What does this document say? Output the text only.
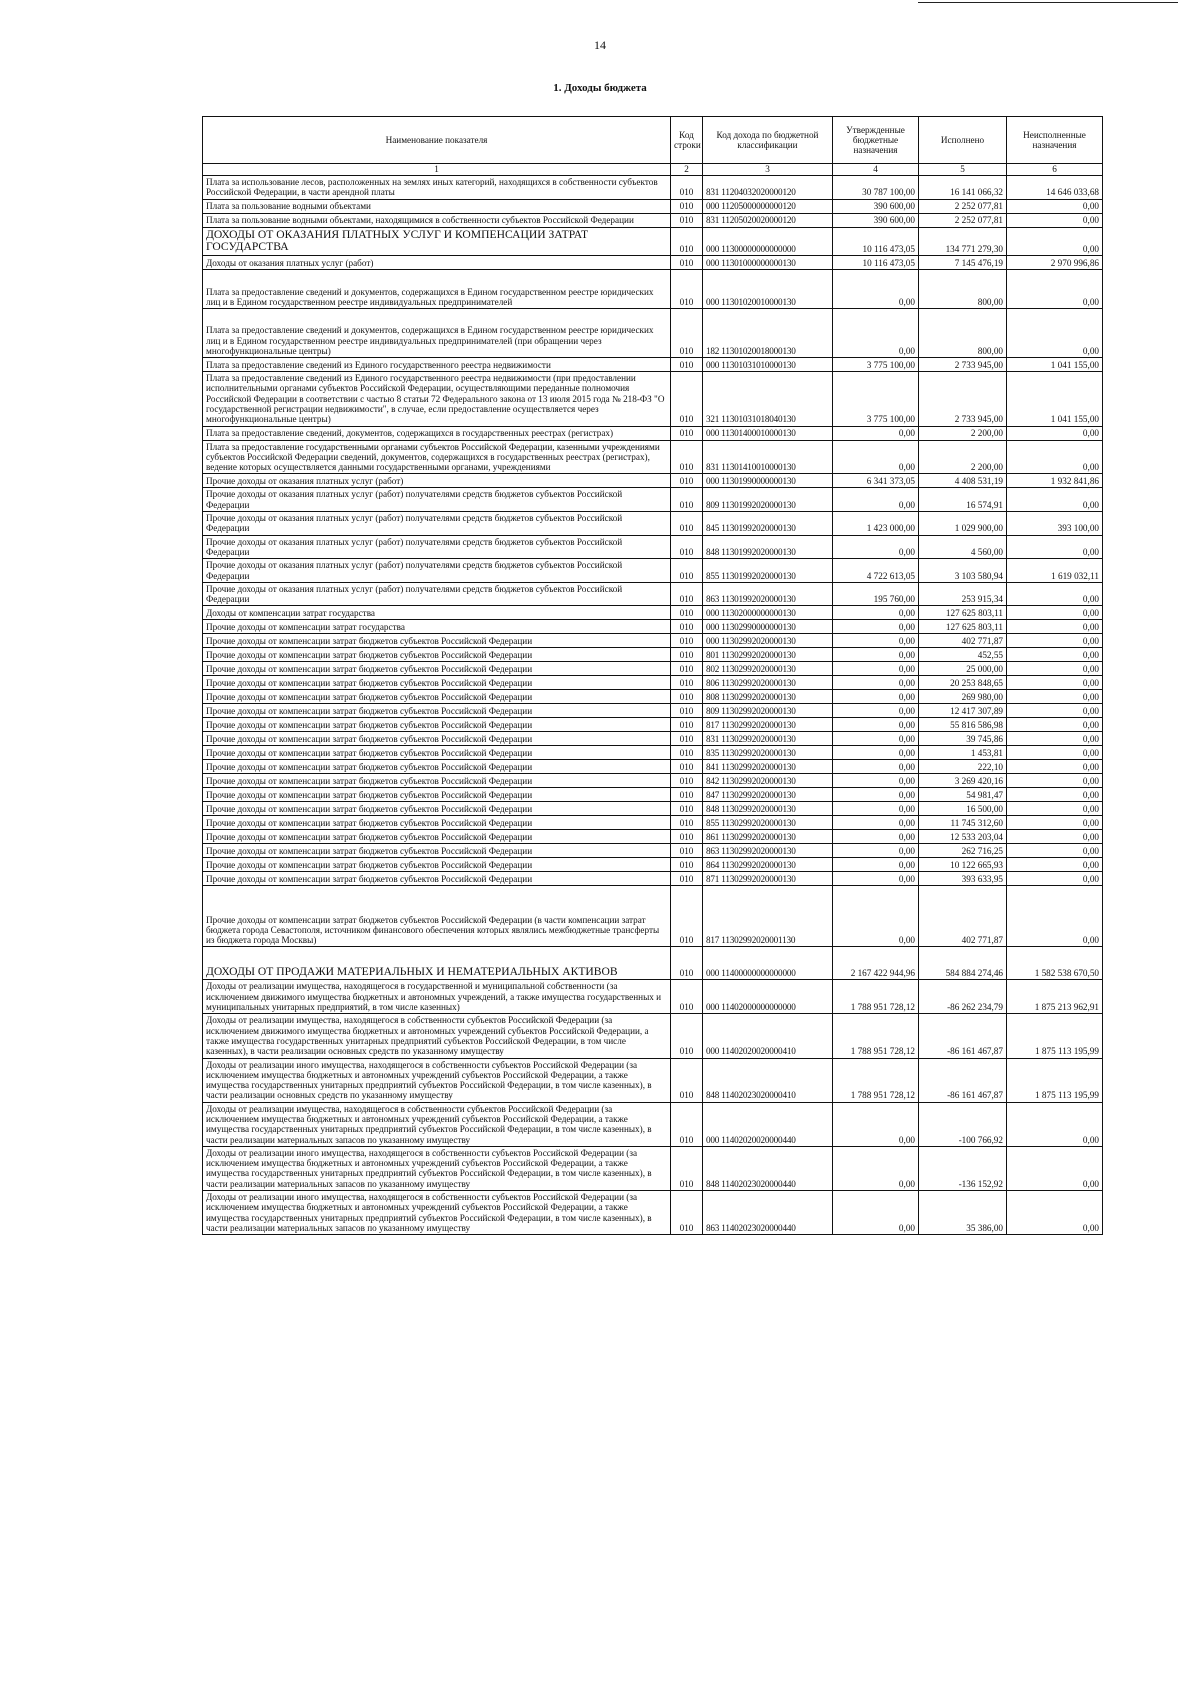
14
1. Доходы бюджета
Наименование показателя	Код строки	Код дохода по бюджетной классификации	Утвержденные бюджетные назначения	Исполнено	Неисполненные назначения
1	2	3	4	5	6
Плата за использование лесов, расположенных на землях иных категорий, находящихся в собственности субъектов Российской Федерации, в части арендной платы	010	831 11204032020000120	30 787 100,00	16 141 066,32	14 646 033,68
Плата за пользование водными объектами	010	000 11205000000000120	390 600,00	2 252 077,81	0,00
Плата за пользование водными объектами, находящимися в собственности субъектов Российской Федерации	010	831 11205020020000120	390 600,00	2 252 077,81	0,00
ДОХОДЫ ОТ ОКАЗАНИЯ ПЛАТНЫХ УСЛУГ И КОМПЕНСАЦИИ ЗАТРАТ ГОСУДАРСТВА	010	000 11300000000000000	10 116 473,05	134 771 279,30	0,00
Доходы от оказания платных услуг (работ)	010	000 11301000000000130	10 116 473,05	7 145 476,19	2 970 996,86
Плата за предоставление сведений и документов, содержащихся в Едином государственном реестре юридических лиц и в Едином государственном реестре индивидуальных предпринимателей	010	000 11301020010000130	0,00	800,00	0,00
Плата за предоставление сведений и документов, содержащихся в Едином государственном реестре юридических лиц и в Едином государственном реестре индивидуальных предпринимателей (при обращении через многофункциональные центры)	010	182 11301020018000130	0,00	800,00	0,00
Плата за предоставление сведений из Единого государственного реестра недвижимости	010	000 11301031010000130	3 775 100,00	2 733 945,00	1 041 155,00
Плата за предоставление сведений из Единого государственного реестра недвижимости (при предоставлении исполнительными органами субъектов Российской Федерации, осуществляющими переданные полномочия Российской Федерации в соответствии с частью 8 статьи 72 Федерального закона от 13 июля 2015 года № 218-ФЗ "О государственной регистрации недвижимости", в случае, если предоставление осуществляется через многофункциональные центры)	010	321 11301031018040130	3 775 100,00	2 733 945,00	1 041 155,00
Плата за предоставление сведений, документов, содержащихся в государственных реестрах (регистрах)	010	000 11301400010000130	0,00	2 200,00	0,00
Плата за предоставление государственными органами субъектов Российской Федерации, казенными учреждениями субъектов Российской Федерации сведений, документов, содержащихся в государственных реестрах (регистрах), ведение которых осуществляется данными государственными органами, учреждениями	010	831 11301410010000130	0,00	2 200,00	0,00
Прочие доходы от оказания платных услуг (работ)	010	000 11301990000000130	6 341 373,05	4 408 531,19	1 932 841,86
Прочие доходы от оказания платных услуг (работ) получателями средств бюджетов субъектов Российской Федерации	010	809 11301992020000130	0,00	16 574,91	0,00
Прочие доходы от оказания платных услуг (работ) получателями средств бюджетов субъектов Российской Федерации	010	845 11301992020000130	1 423 000,00	1 029 900,00	393 100,00
Прочие доходы от оказания платных услуг (работ) получателями средств бюджетов субъектов Российской Федерации	010	848 11301992020000130	0,00	4 560,00	0,00
Прочие доходы от оказания платных услуг (работ) получателями средств бюджетов субъектов Российской Федерации	010	855 11301992020000130	4 722 613,05	3 103 580,94	1 619 032,11
Прочие доходы от оказания платных услуг (работ) получателями средств бюджетов субъектов Российской Федерации	010	863 11301992020000130	195 760,00	253 915,34	0,00
Доходы от компенсации затрат государства	010	000 11302000000000130	0,00	127 625 803,11	0,00
Прочие доходы от компенсации затрат государства	010	000 11302990000000130	0,00	127 625 803,11	0,00
Прочие доходы от компенсации затрат бюджетов субъектов Российской Федерации	010	000 11302992020000130	0,00	402 771,87	0,00
Прочие доходы от компенсации затрат бюджетов субъектов Российской Федерации	010	801 11302992020000130	0,00	452,55	0,00
Прочие доходы от компенсации затрат бюджетов субъектов Российской Федерации	010	802 11302992020000130	0,00	25 000,00	0,00
Прочие доходы от компенсации затрат бюджетов субъектов Российской Федерации	010	806 11302992020000130	0,00	20 253 848,65	0,00
Прочие доходы от компенсации затрат бюджетов субъектов Российской Федерации	010	808 11302992020000130	0,00	269 980,00	0,00
Прочие доходы от компенсации затрат бюджетов субъектов Российской Федерации	010	809 11302992020000130	0,00	12 417 307,89	0,00
Прочие доходы от компенсации затрат бюджетов субъектов Российской Федерации	010	817 11302992020000130	0,00	55 816 586,98	0,00
Прочие доходы от компенсации затрат бюджетов субъектов Российской Федерации	010	831 11302992020000130	0,00	39 745,86	0,00
Прочие доходы от компенсации затрат бюджетов субъектов Российской Федерации	010	835 11302992020000130	0,00	1 453,81	0,00
Прочие доходы от компенсации затрат бюджетов субъектов Российской Федерации	010	841 11302992020000130	0,00	222,10	0,00
Прочие доходы от компенсации затрат бюджетов субъектов Российской Федерации	010	842 11302992020000130	0,00	3 269 420,16	0,00
Прочие доходы от компенсации затрат бюджетов субъектов Российской Федерации	010	847 11302992020000130	0,00	54 981,47	0,00
Прочие доходы от компенсации затрат бюджетов субъектов Российской Федерации	010	848 11302992020000130	0,00	16 500,00	0,00
Прочие доходы от компенсации затрат бюджетов субъектов Российской Федерации	010	855 11302992020000130	0,00	11 745 312,60	0,00
Прочие доходы от компенсации затрат бюджетов субъектов Российской Федерации	010	861 11302992020000130	0,00	12 533 203,04	0,00
Прочие доходы от компенсации затрат бюджетов субъектов Российской Федерации	010	863 11302992020000130	0,00	262 716,25	0,00
Прочие доходы от компенсации затрат бюджетов субъектов Российской Федерации	010	864 11302992020000130	0,00	10 122 665,93	0,00
Прочие доходы от компенсации затрат бюджетов субъектов Российской Федерации	010	871 11302992020000130	0,00	393 633,95	0,00
Прочие доходы от компенсации затрат бюджетов субъектов Российской Федерации (в части компенсации затрат бюджета города Севастополя, источником финансового обеспечения которых являлись межбюджетные трансферты из бюджета города Москвы)	010	817 11302992020001130	0,00	402 771,87	0,00
ДОХОДЫ ОТ ПРОДАЖИ МАТЕРИАЛЬНЫХ И НЕМАТЕРИАЛЬНЫХ АКТИВОВ	010	000 11400000000000000	2 167 422 944,96	584 884 274,46	1 582 538 670,50
Доходы от реализации имущества, находящегося в государственной и муниципальной собственности (за исключением движимого имущества бюджетных и автономных учреждений, а также имущества государственных и муниципальных унитарных предприятий, в том числе казенных)	010	000 11402000000000000	1 788 951 728,12	-86 262 234,79	1 875 213 962,91
Доходы от реализации имущества, находящегося в собственности субъектов Российской Федерации (за исключением движимого имущества бюджетных и автономных учреждений субъектов Российской Федерации, а также имущества государственных унитарных предприятий субъектов Российской Федерации, в том числе казенных), в части реализации основных средств по указанному имуществу	010	000 11402020020000410	1 788 951 728,12	-86 161 467,87	1 875 113 195,99
Доходы от реализации иного имущества, находящегося в собственности субъектов Российской Федерации (за исключением имущества бюджетных и автономных учреждений субъектов Российской Федерации, а также имущества государственных унитарных предприятий субъектов Российской Федерации, в том числе казенных), в части реализации основных средств по указанному имуществу	010	848 11402023020000410	1 788 951 728,12	-86 161 467,87	1 875 113 195,99
Доходы от реализации имущества, находящегося в собственности субъектов Российской Федерации (за исключением имущества бюджетных и автономных учреждений субъектов Российской Федерации, а также имущества государственных унитарных предприятий субъектов Российской Федерации, в том числе казенных), в части реализации материальных запасов по указанному имуществу	010	000 11402020020000440	0,00	-100 766,92	0,00
Доходы от реализации иного имущества, находящегося в собственности субъектов Российской Федерации (за исключением имущества бюджетных и автономных учреждений субъектов Российской Федерации, а также имущества государственных унитарных предприятий субъектов Российской Федерации, в том числе казенных), в части реализации материальных запасов по указанному имуществу	010	848 11402023020000440	0,00	-136 152,92	0,00
Доходы от реализации иного имущества, находящегося в собственности субъектов Российской Федерации (за исключением имущества бюджетных и автономных учреждений субъектов Российской Федерации, а также имущества государственных унитарных предприятий субъектов Российской Федерации, в том числе казенных), в части реализации материальных запасов по указанному имуществу	010	863 11402023020000440	0,00	35 386,00	0,00
